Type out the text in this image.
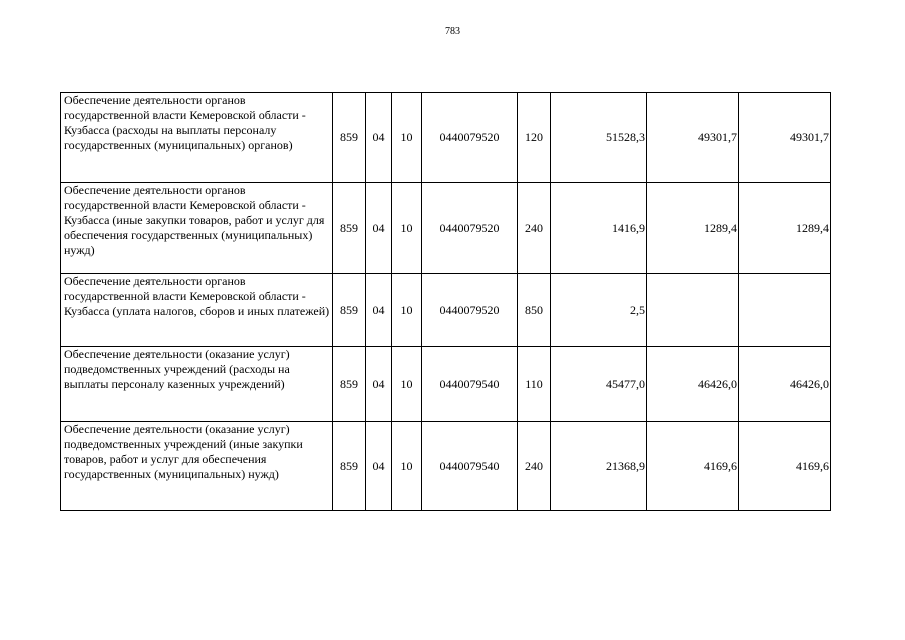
783
Обеспечение деятельности органов государственной власти Кемеровской области - Кузбасса (расходы на выплаты персоналу государственных (муниципальных) органов)	859	04	10	0440079520	120	51528,3	49301,7	49301,7
Обеспечение деятельности органов государственной власти Кемеровской области - Кузбасса (иные закупки товаров, работ и услуг для обеспечения государственных (муниципальных) нужд)	859	04	10	0440079520	240	1416,9	1289,4	1289,4
Обеспечение деятельности органов государственной власти Кемеровской области - Кузбасса (уплата налогов, сборов и иных платежей)	859	04	10	0440079520	850	2,5		
Обеспечение деятельности (оказание услуг) подведомственных учреждений (расходы на выплаты персоналу казенных учреждений)	859	04	10	0440079540	110	45477,0	46426,0	46426,0
Обеспечение деятельности (оказание услуг) подведомственных учреждений (иные закупки товаров, работ и услуг для обеспечения государственных (муниципальных) нужд)	859	04	10	0440079540	240	21368,9	4169,6	4169,6
